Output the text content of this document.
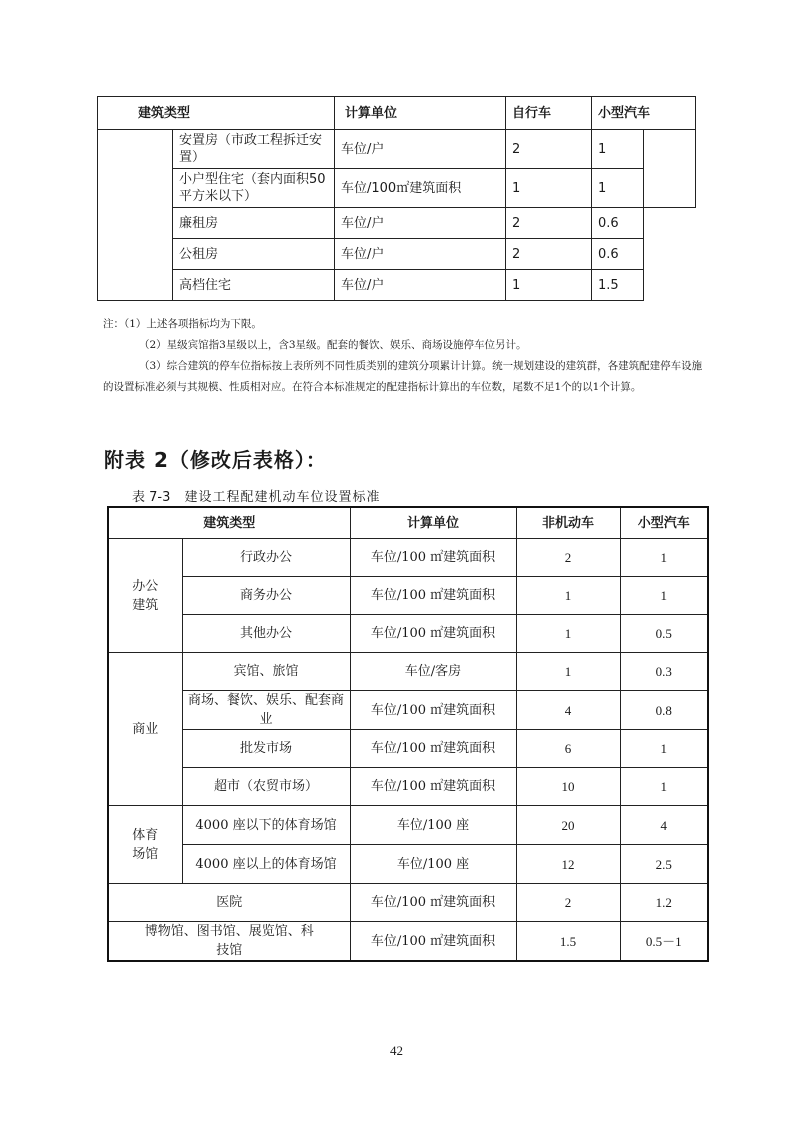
建筑类型		计算单位	自行车	小型汽车	
	安置房（市政工程拆迁安置）	车位/户	2	1	
	小户型住宅（套内面积50平方米以下）	车位/100㎡建筑面积	1	1	
	廉租房	车位/户	2	0.6	
	公租房	车位/户	2	0.6	
	高档住宅	车位/户	1	1.5	

注：（1）上述各项指标均为下限。

（2）星级宾馆指3星级以上，含3星级。配套的餐饮、娱乐、商场设施停车位另计。

（3）综合建筑的停车位指标按上表所列不同性质类别的建筑分项累计计算。统一规划建设的建筑群，各建筑配建停车设施的设置标准必须与其规模、性质相对应。在符合本标准规定的配建指标计算出的车位数，尾数不足1个的以1个计算。

附表 2（修改后表格）：
表 7-3 建设工程配建机动车位设置标准
建筑类型		计算单位	非机动车	小型汽车
办公
建筑	行政办公	车位/100 ㎡建筑面积	2	1
	商务办公	车位/100 ㎡建筑面积	1	1
	其他办公	车位/100 ㎡建筑面积	1	0.5
商业	宾馆、旅馆	车位/客房	1	0.3
	商场、餐饮、娱乐、配套商业	车位/100 ㎡建筑面积	4	0.8
	批发市场	车位/100 ㎡建筑面积	6	1
	超市（农贸市场）	车位/100 ㎡建筑面积	10	1
体育
场馆	4000 座以下的体育场馆	车位/100 座	20	4
	4000 座以上的体育场馆	车位/100 座	12	2.5
医院		车位/100 ㎡建筑面积	2	1.2
博物馆、图书馆、展览馆、科技馆		车位/100 ㎡建筑面积	1.5	0.5－1
42
